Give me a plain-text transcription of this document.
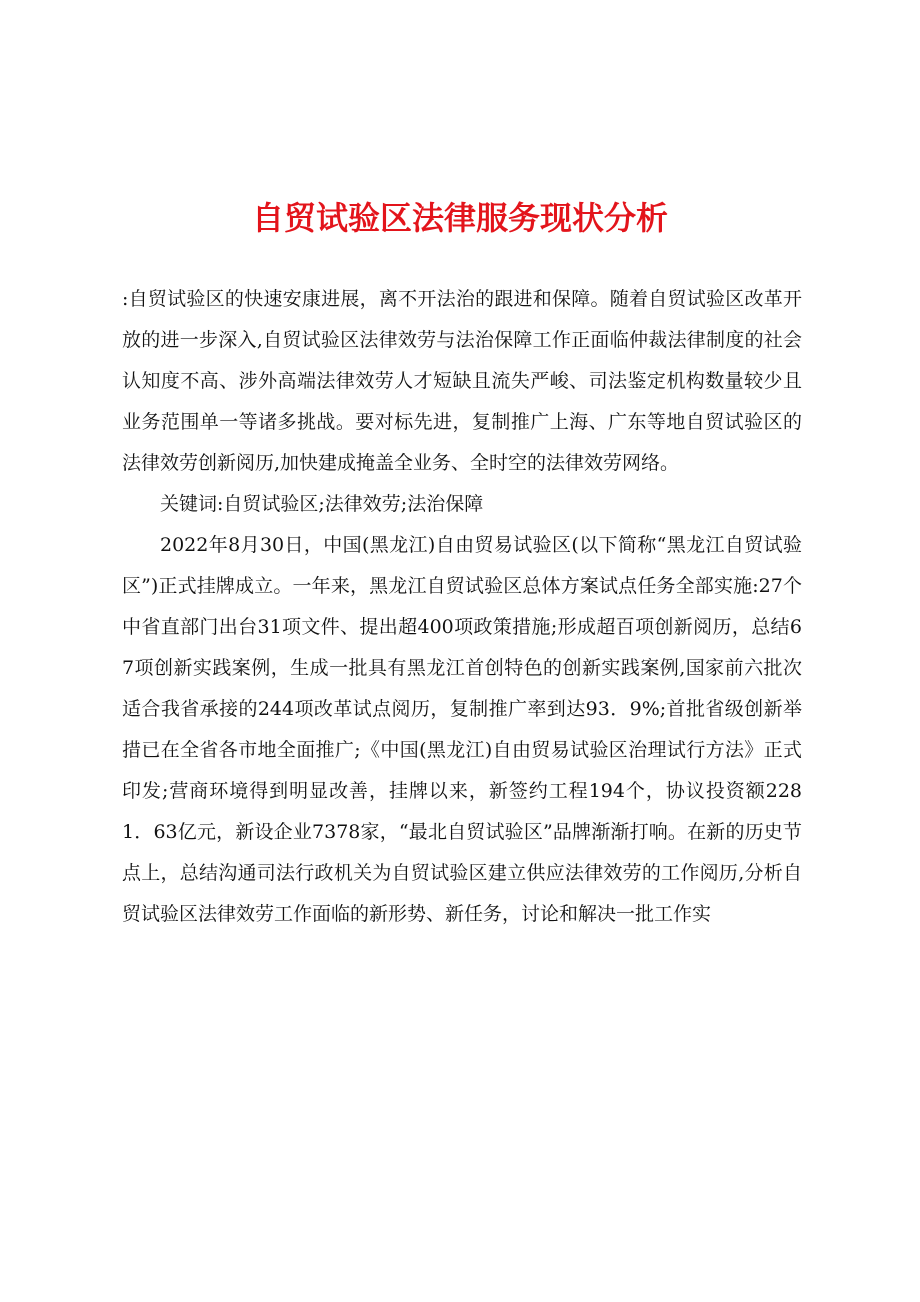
自贸试验区法律服务现状分析

:自贸试验区的快速安康进展，离不开法治的跟进和保障。随着自贸试验区改革开放的进一步深入,自贸试验区法律效劳与法治保障工作正面临仲裁法律制度的社会认知度不高、涉外高端法律效劳人才短缺且流失严峻、司法鉴定机构数量较少且业务范围单一等诸多挑战。要对标先进，复制推广上海、广东等地自贸试验区的法律效劳创新阅历,加快建成掩盖全业务、全时空的法律效劳网络。

关键词:自贸试验区;法律效劳;法治保障

2022年8月30日，中国(黑龙江)自由贸易试验区(以下简称“黑龙江自贸试验区”)正式挂牌成立。一年来，黑龙江自贸试验区总体方案试点任务全部实施:27个中省直部门出台31项文件、提出超400项政策措施;形成超百项创新阅历，总结67项创新实践案例，生成一批具有黑龙江首创特色的创新实践案例,国家前六批次适合我省承接的244项改革试点阅历，复制推广率到达93．9%;首批省级创新举措已在全省各市地全面推广;《中国(黑龙江)自由贸易试验区治理试行方法》正式印发;营商环境得到明显改善，挂牌以来，新签约工程194个，协议投资额2281．63亿元，新设企业7378家，“最北自贸试验区”品牌渐渐打响。在新的历史节点上，总结沟通司法行政机关为自贸试验区建立供应法律效劳的工作阅历,分析自贸试验区法律效劳工作面临的新形势、新任务，讨论和解决一批工作实
